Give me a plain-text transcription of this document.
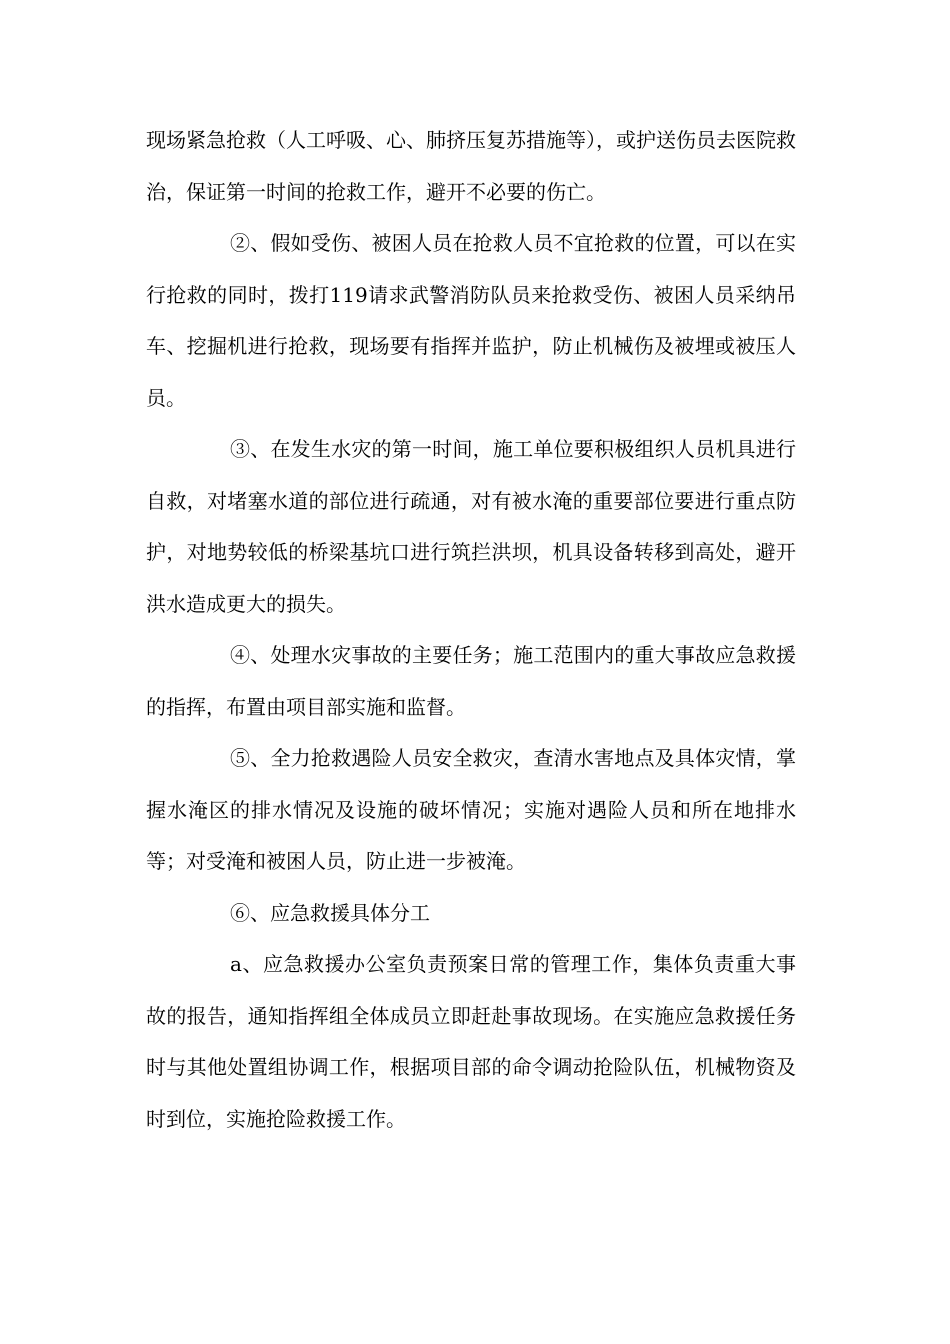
现场紧急抢救（人工呼吸、心、肺挤压复苏措施等），或护送伤员去医院救治，保证第一时间的抢救工作，避开不必要的伤亡。

②、假如受伤、被困人员在抢救人员不宜抢救的位置，可以在实行抢救的同时，拨打119请求武警消防队员来抢救受伤、被困人员采纳吊车、挖掘机进行抢救，现场要有指挥并监护，防止机械伤及被埋或被压人员。

③、在发生水灾的第一时间，施工单位要积极组织人员机具进行自救，对堵塞水道的部位进行疏通，对有被水淹的重要部位要进行重点防护，对地势较低的桥梁基坑口进行筑拦洪坝，机具设备转移到高处，避开洪水造成更大的损失。

④、处理水灾事故的主要任务；施工范围内的重大事故应急救援的指挥，布置由项目部实施和监督。

⑤、全力抢救遇险人员安全救灾，查清水害地点及具体灾情，掌握水淹区的排水情况及设施的破坏情况；实施对遇险人员和所在地排水等；对受淹和被困人员，防止进一步被淹。

⑥、应急救援具体分工

a、应急救援办公室负责预案日常的管理工作，集体负责重大事故的报告，通知指挥组全体成员立即赶赴事故现场。在实施应急救援任务时与其他处置组协调工作，根据项目部的命令调动抢险队伍，机械物资及时到位，实施抢险救援工作。
